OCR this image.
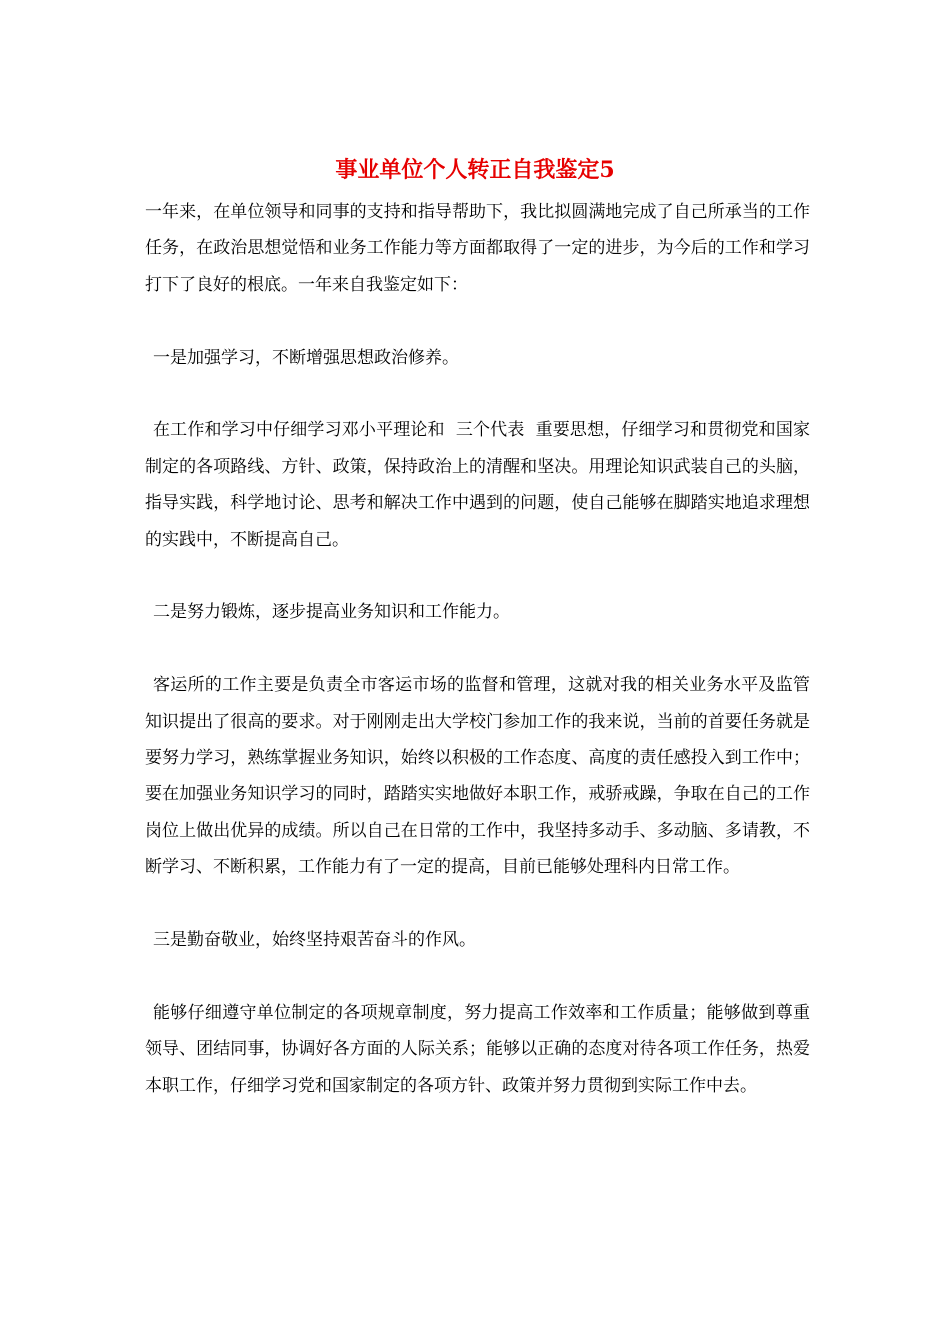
事业单位个人转正自我鉴定5

一年来，在单位领导和同事的支持和指导帮助下，我比拟圆满地完成了自己所承当的工作任务，在政治思想觉悟和业务工作能力等方面都取得了一定的进步，为今后的工作和学习打下了良好的根底。一年来自我鉴定如下：

一是加强学习，不断增强思想政治修养。

在工作和学习中仔细学习邓小平理论和  三个代表  重要思想，仔细学习和贯彻党和国家制定的各项路线、方针、政策，保持政治上的清醒和坚决。用理论知识武装自己的头脑，指导实践，科学地讨论、思考和解决工作中遇到的问题，使自己能够在脚踏实地追求理想的实践中，不断提高自己。

二是努力锻炼，逐步提高业务知识和工作能力。

客运所的工作主要是负责全市客运市场的监督和管理，这就对我的相关业务水平及监管知识提出了很高的要求。对于刚刚走出大学校门参加工作的我来说，当前的首要任务就是要努力学习，熟练掌握业务知识，始终以积极的工作态度、高度的责任感投入到工作中；要在加强业务知识学习的同时，踏踏实实地做好本职工作，戒骄戒躁，争取在自己的工作岗位上做出优异的成绩。所以自己在日常的工作中，我坚持多动手、多动脑、多请教，不断学习、不断积累，工作能力有了一定的提高，目前已能够处理科内日常工作。

三是勤奋敬业，始终坚持艰苦奋斗的作风。

能够仔细遵守单位制定的各项规章制度，努力提高工作效率和工作质量；能够做到尊重领导、团结同事，协调好各方面的人际关系；能够以正确的态度对待各项工作任务，热爱本职工作，仔细学习党和国家制定的各项方针、政策并努力贯彻到实际工作中去。
